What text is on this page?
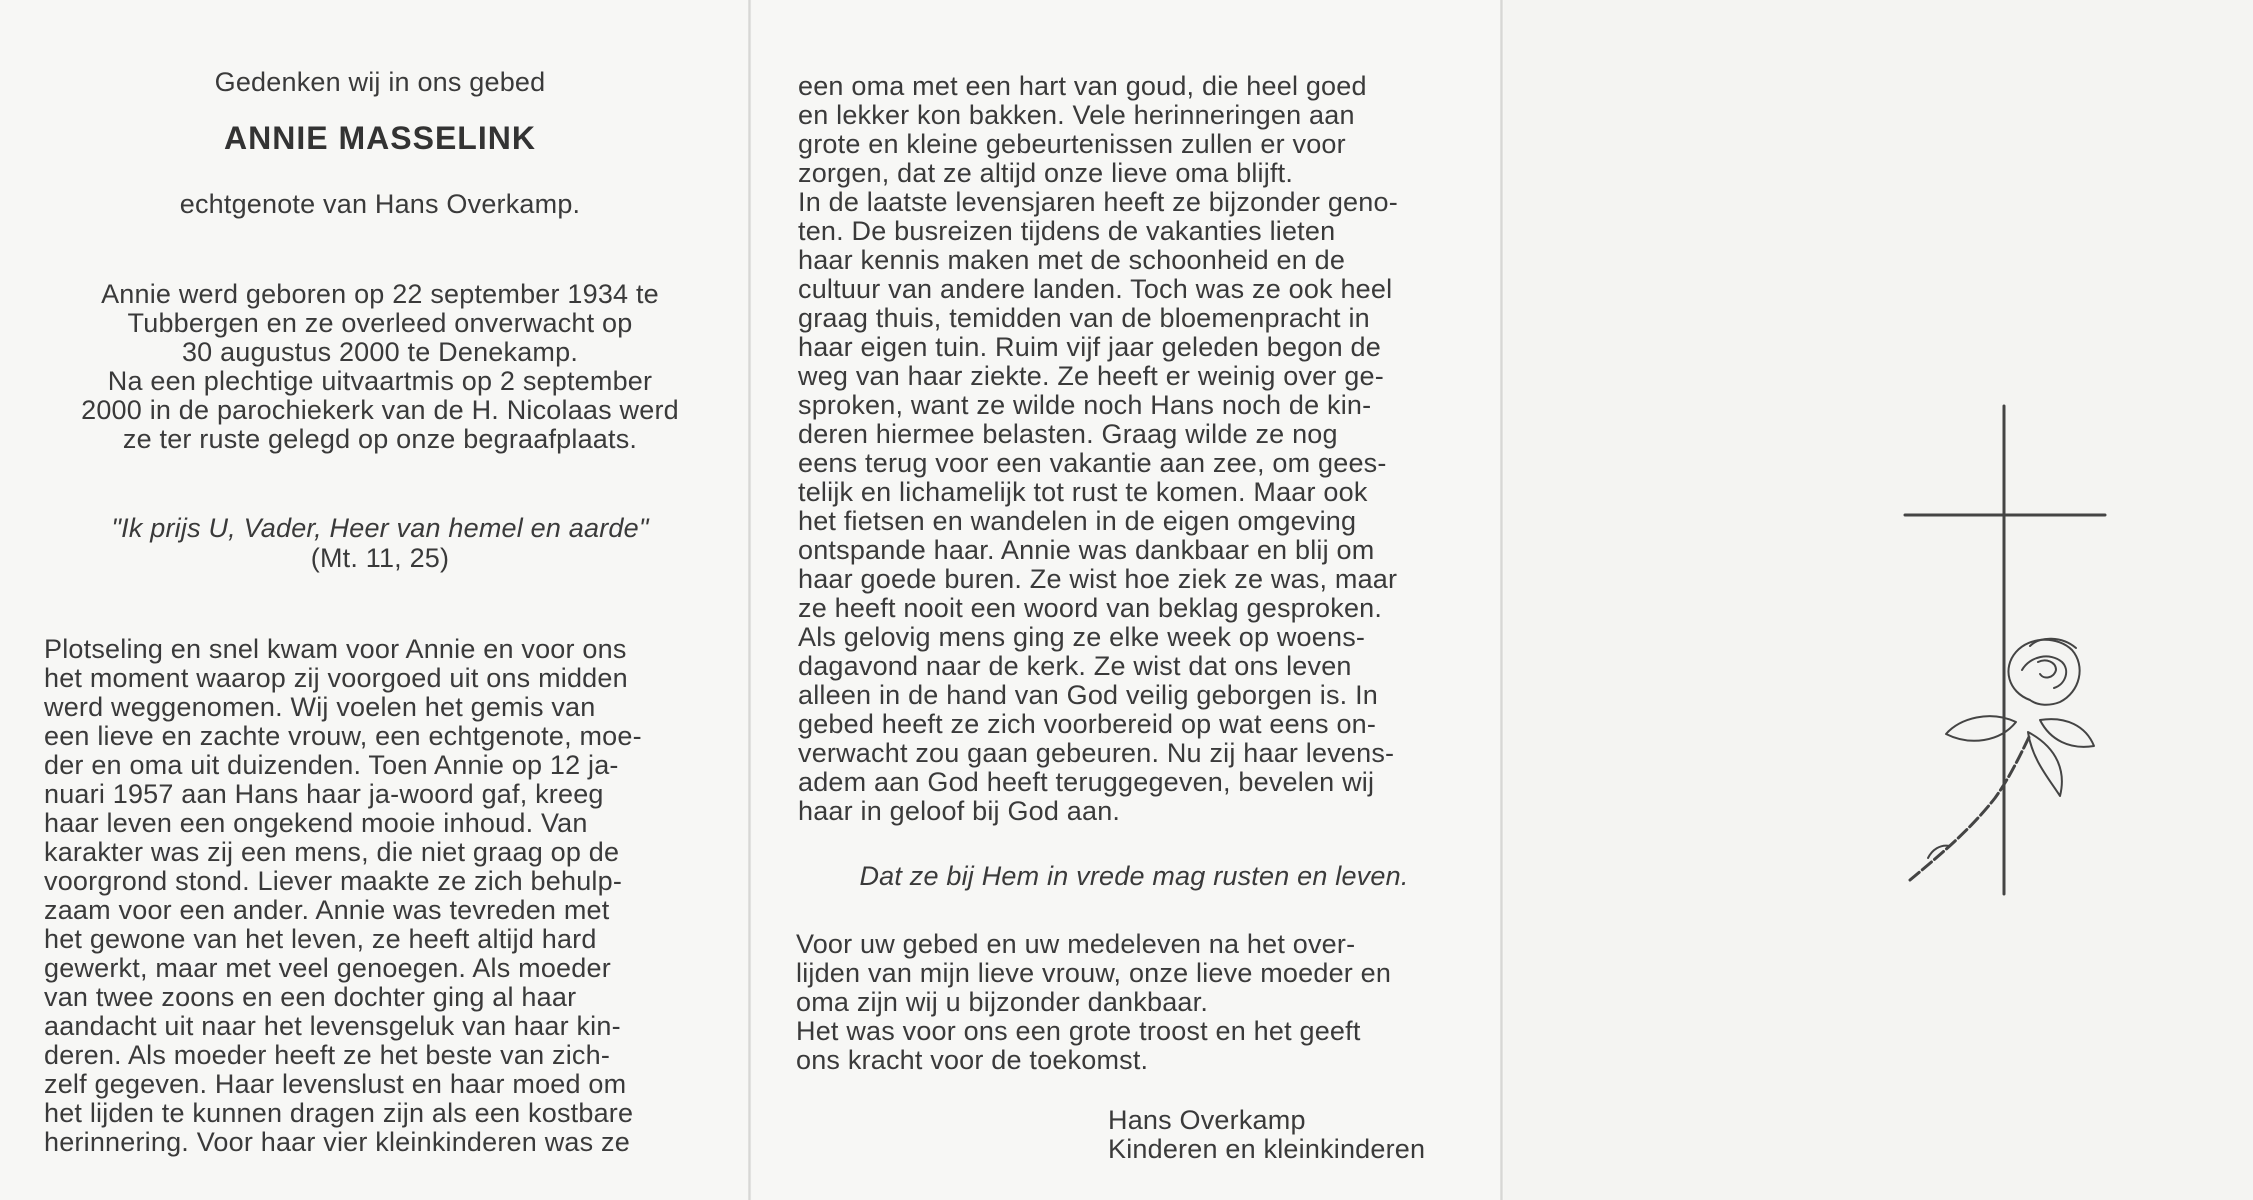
Gedenken wij in ons gebed
ANNIE MASSELINK
echtgenote van Hans Overkamp.

Annie werd geboren op 22 september 1934 te

Tubbergen en ze overleed onverwacht op

30 augustus 2000 te Denekamp.

Na een plechtige uitvaartmis op 2 september

2000 in de parochiekerk van de H. Nicolaas werd

ze ter ruste gelegd op onze begraafplaats.

"Ik prijs U, Vader, Heer van hemel en aarde"
(Mt. 11, 25)

Plotseling en snel kwam voor Annie en voor ons

het moment waarop zij voorgoed uit ons midden

werd weggenomen. Wij voelen het gemis van

een lieve en zachte vrouw, een echtgenote, moe-

der en oma uit duizenden. Toen Annie op 12 ja-

nuari 1957 aan Hans haar ja-woord gaf, kreeg

haar leven een ongekend mooie inhoud. Van

karakter was zij een mens, die niet graag op de

voorgrond stond. Liever maakte ze zich behulp-

zaam voor een ander. Annie was tevreden met

het gewone van het leven, ze heeft altijd hard

gewerkt, maar met veel genoegen. Als moeder

van twee zoons en een dochter ging al haar

aandacht uit naar het levensgeluk van haar kin-

deren. Als moeder heeft ze het beste van zich-

zelf gegeven. Haar levenslust en haar moed om

het lijden te kunnen dragen zijn als een kostbare

herinnering. Voor haar vier kleinkinderen was ze

een oma met een hart van goud, die heel goed

en lekker kon bakken. Vele herinneringen aan

grote en kleine gebeurtenissen zullen er voor

zorgen, dat ze altijd onze lieve oma blijft.

In de laatste levensjaren heeft ze bijzonder geno-

ten. De busreizen tijdens de vakanties lieten

haar kennis maken met de schoonheid en de

cultuur van andere landen. Toch was ze ook heel

graag thuis, temidden van de bloemenpracht in

haar eigen tuin. Ruim vijf jaar geleden begon de

weg van haar ziekte. Ze heeft er weinig over ge-

sproken, want ze wilde noch Hans noch de kin-

deren hiermee belasten. Graag wilde ze nog

eens terug voor een vakantie aan zee, om gees-

telijk en lichamelijk tot rust te komen. Maar ook

het fietsen en wandelen in de eigen omgeving

ontspande haar. Annie was dankbaar en blij om

haar goede buren. Ze wist hoe ziek ze was, maar

ze heeft nooit een woord van beklag gesproken.

Als gelovig mens ging ze elke week op woens-

dagavond naar de kerk. Ze wist dat ons leven

alleen in de hand van God veilig geborgen is. In

gebed heeft ze zich voorbereid op wat eens on-

verwacht zou gaan gebeuren. Nu zij haar levens-

adem aan God heeft teruggegeven, bevelen wij

haar in geloof bij God aan.

Dat ze bij Hem in vrede mag rusten en leven.

Voor uw gebed en uw medeleven na het over-

lijden van mijn lieve vrouw, onze lieve moeder en

oma zijn wij u bijzonder dankbaar.

Het was voor ons een grote troost en het geeft

ons kracht voor de toekomst.

Hans Overkamp

Kinderen en kleinkinderen
